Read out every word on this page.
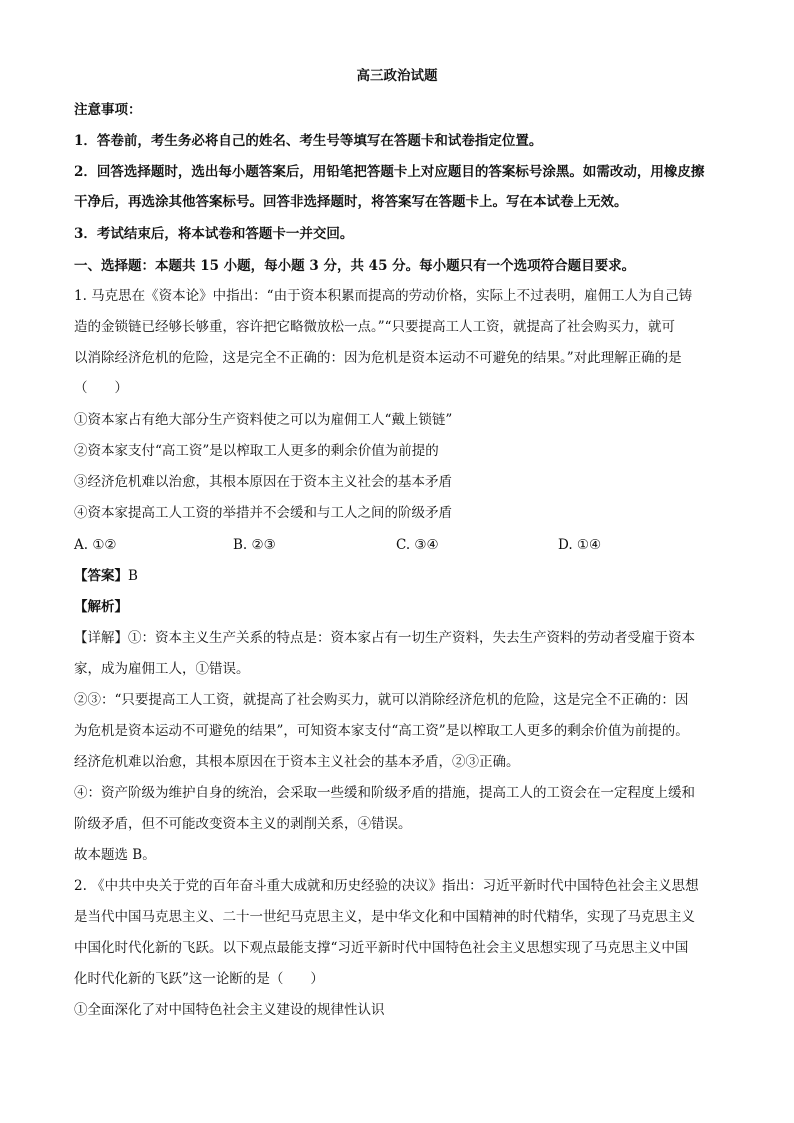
高三政治试题
注意事项：
1．答卷前，考生务必将自己的姓名、考生号等填写在答题卡和试卷指定位置。
2．回答选择题时，选出每小题答案后，用铅笔把答题卡上对应题目的答案标号涂黑。如需改动，用橡皮擦
干净后，再选涂其他答案标号。回答非选择题时，将答案写在答题卡上。写在本试卷上无效。
3．考试结束后，将本试卷和答题卡一并交回。
一、选择题：本题共 15 小题，每小题 3 分，共 45 分。每小题只有一个选项符合题目要求。
1. 马克思在《资本论》中指出：“由于资本积累而提高的劳动价格，实际上不过表明，雇佣工人为自己铸
造的金锁链已经够长够重，容许把它略微放松一点。”“只要提高工人工资，就提高了社会购买力，就可
以消除经济危机的危险，这是完全不正确的：因为危机是资本运动不可避免的结果。”对此理解正确的是
（　　）
①资本家占有绝大部分生产资料使之可以为雇佣工人“戴上锁链”
②资本家支付“高工资”是以榨取工人更多的剩余价值为前提的
③经济危机难以治愈，其根本原因在于资本主义社会的基本矛盾
④资本家提高工人工资的举措并不会缓和与工人之间的阶级矛盾
A. ①②	B. ②③	C. ③④	D. ①④
【答案】B
【解析】
【详解】①：资本主义生产关系的特点是：资本家占有一切生产资料，失去生产资料的劳动者受雇于资本
家，成为雇佣工人，①错误。
②③：“只要提高工人工资，就提高了社会购买力，就可以消除经济危机的危险，这是完全不正确的：因
为危机是资本运动不可避免的结果”，可知资本家支付“高工资”是以榨取工人更多的剩余价值为前提的。
经济危机难以治愈，其根本原因在于资本主义社会的基本矛盾，②③正确。
④：资产阶级为维护自身的统治，会采取一些缓和阶级矛盾的措施，提高工人的工资会在一定程度上缓和
阶级矛盾，但不可能改变资本主义的剥削关系，④错误。
故本题选 B。
2. 《中共中央关于党的百年奋斗重大成就和历史经验的决议》指出：习近平新时代中国特色社会主义思想
是当代中国马克思主义、二十一世纪马克思主义，是中华文化和中国精神的时代精华，实现了马克思主义
中国化时代化新的飞跃。以下观点最能支撑“习近平新时代中国特色社会主义思想实现了马克思主义中国
化时代化新的飞跃”这一论断的是（　　）
①全面深化了对中国特色社会主义建设的规律性认识
